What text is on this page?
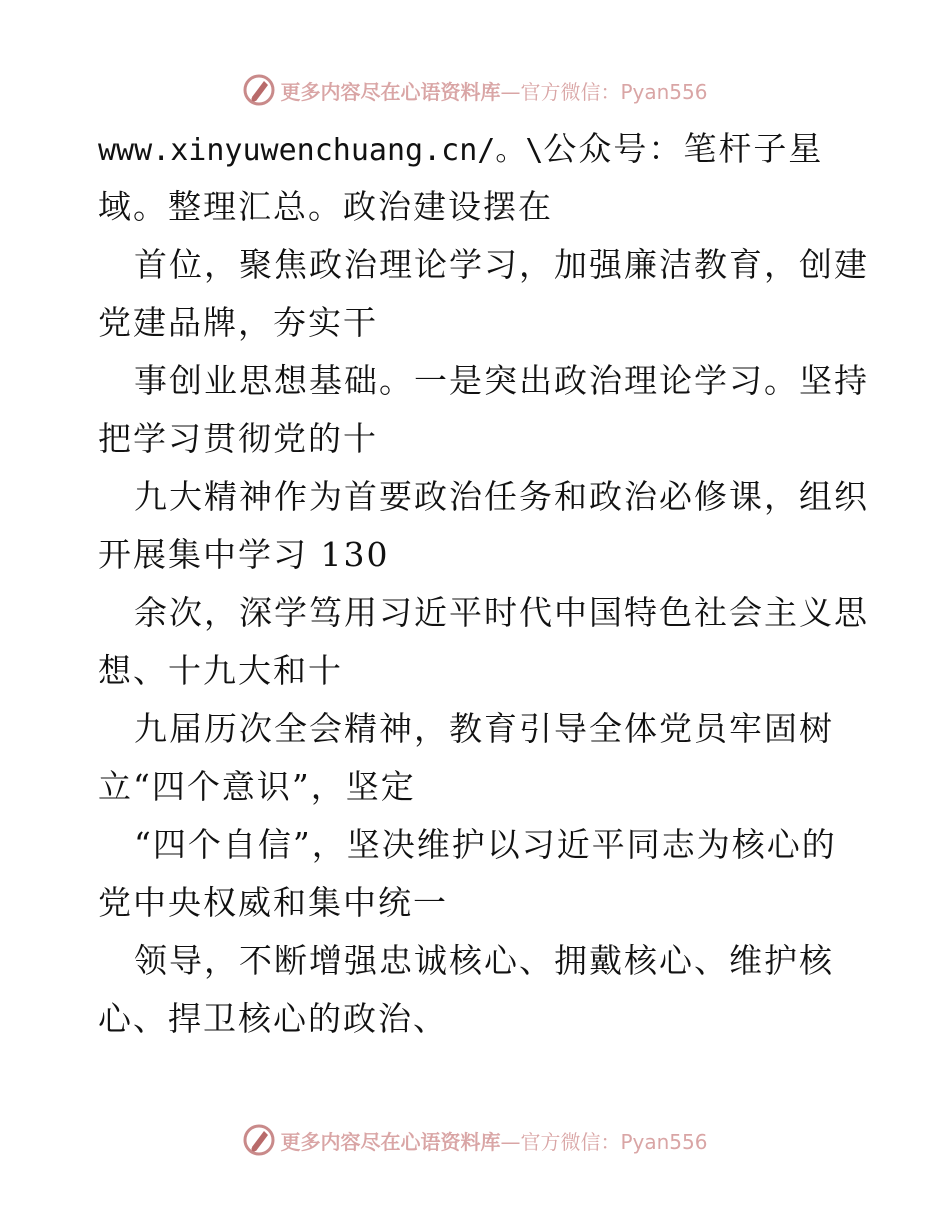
更多内容尽在心语资料库 —官方微信：Pyan556
www.xinyuwenchuang.cn/。\公众号：笔杆子星
域。整理汇总。政治建设摆在
首位，聚焦政治理论学习，加强廉洁教育，创建
党建品牌，夯实干
事创业思想基础。一是突出政治理论学习。坚持
把学习贯彻党的十
九大精神作为首要政治任务和政治必修课，组织
开展集中学习 130
余次，深学笃用习近平时代中国特色社会主义思
想、十九大和十
九届历次全会精神，教育引导全体党员牢固树
立“四个意识”，坚定
“四个自信”，坚决维护以习近平同志为核心的
党中央权威和集中统一
领导，不断增强忠诚核心、拥戴核心、维护核
心、捍卫核心的政治、
更多内容尽在心语资料库 —官方微信：Pyan556
